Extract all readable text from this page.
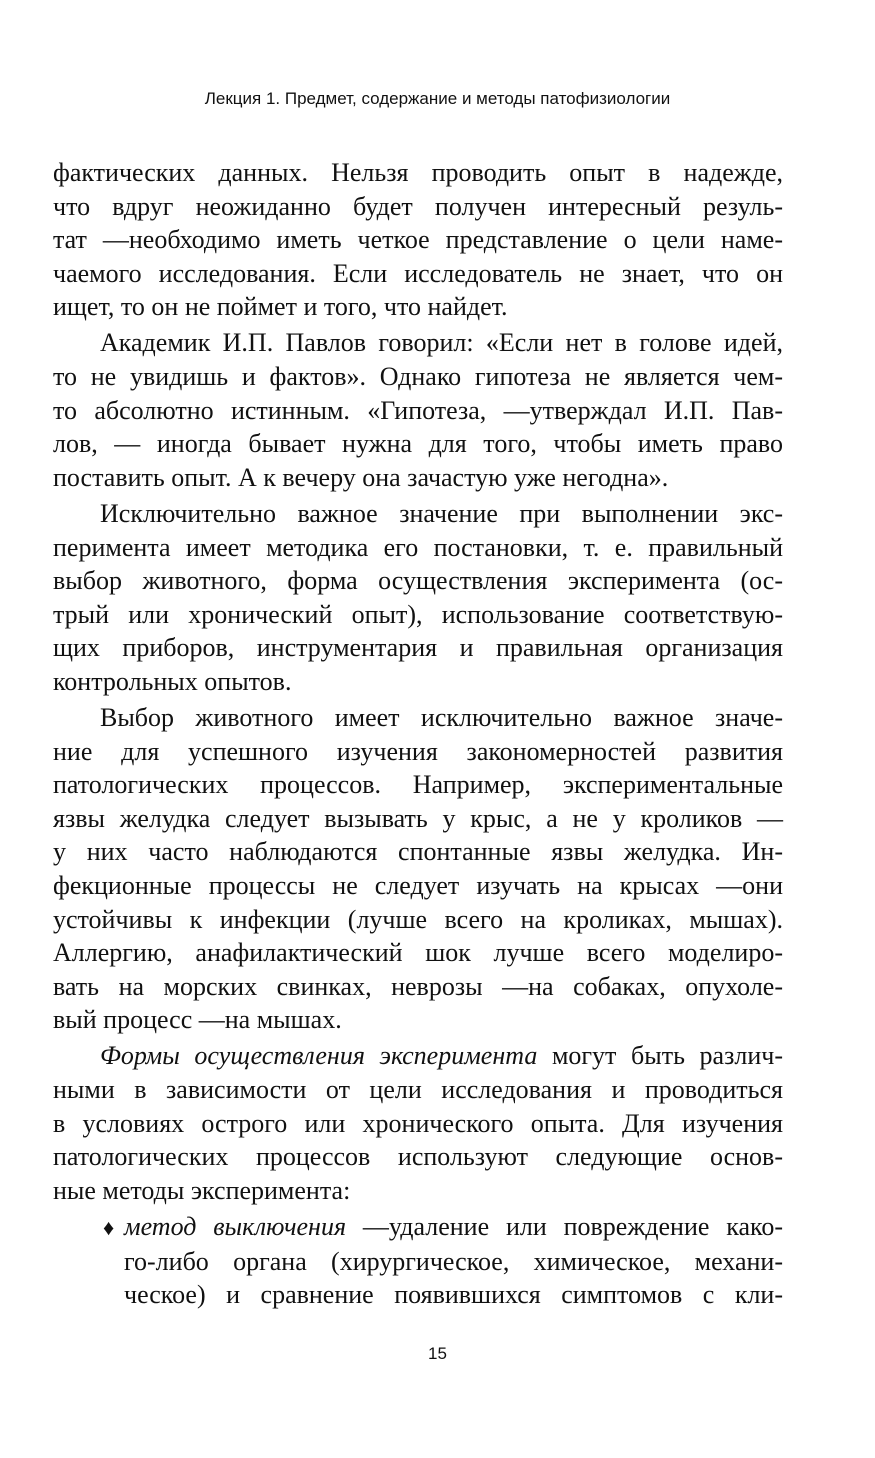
Лекция 1. Предмет, содержание и методы патофизиологии
фактических данных. Нельзя проводить опыт в надежде,
что вдруг неожиданно будет получен интересный резуль-
тат —необходимо иметь четкое представление о цели наме-
чаемого исследования. Если исследователь не знает, что он
ищет, то он не поймет и того, что найдет.
Академик И.П. Павлов говорил: «Если нет в голове идей,
то не увидишь и фактов». Однако гипотеза не является чем-
то абсолютно истинным. «Гипотеза, —утверждал И.П. Пав-
лов, — иногда бывает нужна для того, чтобы иметь право
поставить опыт. А к вечеру она зачастую уже негодна».
Исключительно важное значение при выполнении экс-
перимента имеет методика его постановки, т. е. правильный
выбор животного, форма осуществления эксперимента (ос-
трый или хронический опыт), использование соответствую-
щих приборов, инструментария и правильная организация
контрольных опытов.
Выбор животного имеет исключительно важное значе-
ние для успешного изучения закономерностей развития
патологических процессов. Например, экспериментальные
язвы желудка следует вызывать у крыс, а не у кроликов —
у них часто наблюдаются спонтанные язвы желудка. Ин-
фекционные процессы не следует изучать на крысах —они
устойчивы к инфекции (лучше всего на кроликах, мышах).
Аллергию, анафилактический шок лучше всего моделиро-
вать на морских свинках, неврозы —на собаках, опухоле-
вый процесс —на мышах.
Формы осуществления эксперимента могут быть различ-
ными в зависимости от цели исследования и проводиться
в условиях острого или хронического опыта. Для изучения
патологических процессов используют следующие основ-
ные методы эксперимента:
♦ метод выключения —удаление или повреждение како-
го-либо органа (хирургическое, химическое, механи-
ческое) и сравнение появившихся симптомов с кли-
15
